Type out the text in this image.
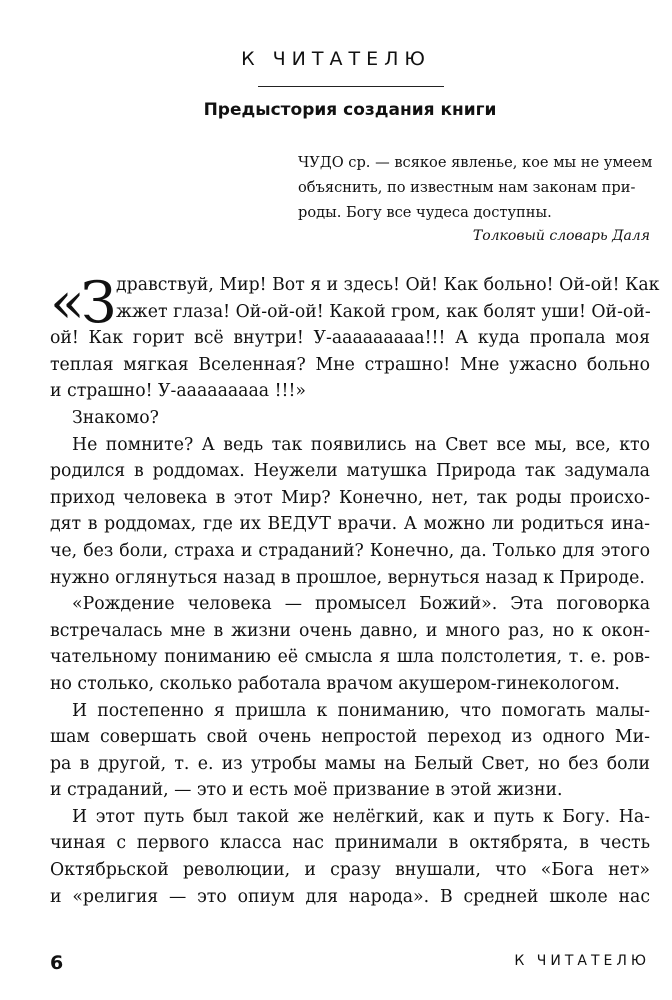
К ЧИТАТЕЛЮ
Предыстория создания книги
ЧУДО ср. — всякое явленье, кое мы не умеем
объяснить, по известным нам законам при-
роды. Богу все чудеса доступны.
Толковый словарь Даля
«З дравствуй, Мир! Вот я и здесь! Ой! Как больно! Ой-ой! Как
жжет глаза! Ой-ой-ой! Какой гром, как болят уши! Ой-ой-
ой! Как горит всё внутри! У-ааааааааа!!! А куда пропала моя
теплая мягкая Вселенная? Мне страшно! Мне ужасно больно
и страшно! У-ааааааааа !!!»
Знакомо?
Не помните? А ведь так появились на Свет все мы, все, кто
родился в роддомах. Неужели матушка Природа так задумала
приход человека в этот Мир? Конечно, нет, так роды происхо-
дят в роддомах, где их ВЕДУТ врачи. А можно ли родиться ина-
че, без боли, страха и страданий? Конечно, да. Только для этого
нужно оглянуться назад в прошлое, вернуться назад к Природе.
«Рождение человека — промысел Божий». Эта поговорка
встречалась мне в жизни очень давно, и много раз, но к окон-
чательному пониманию её смысла я шла полстолетия, т. е. ров-
но столько, сколько работала врачом акушером-гинекологом.
И постепенно я пришла к пониманию, что помогать малы-
шам совершать свой очень непростой переход из одного Ми-
ра в другой, т. е. из утробы мамы на Белый Свет, но без боли
и страданий, — это и есть моё призвание в этой жизни.
И этот путь был такой же нелёгкий, как и путь к Богу. На-
чиная с первого класса нас принимали в октябрята, в честь
Октябрьской революции, и сразу внушали, что «Бога нет»
и «религия — это опиум для народа». В средней школе нас
6	К ЧИТАТЕЛЮ
